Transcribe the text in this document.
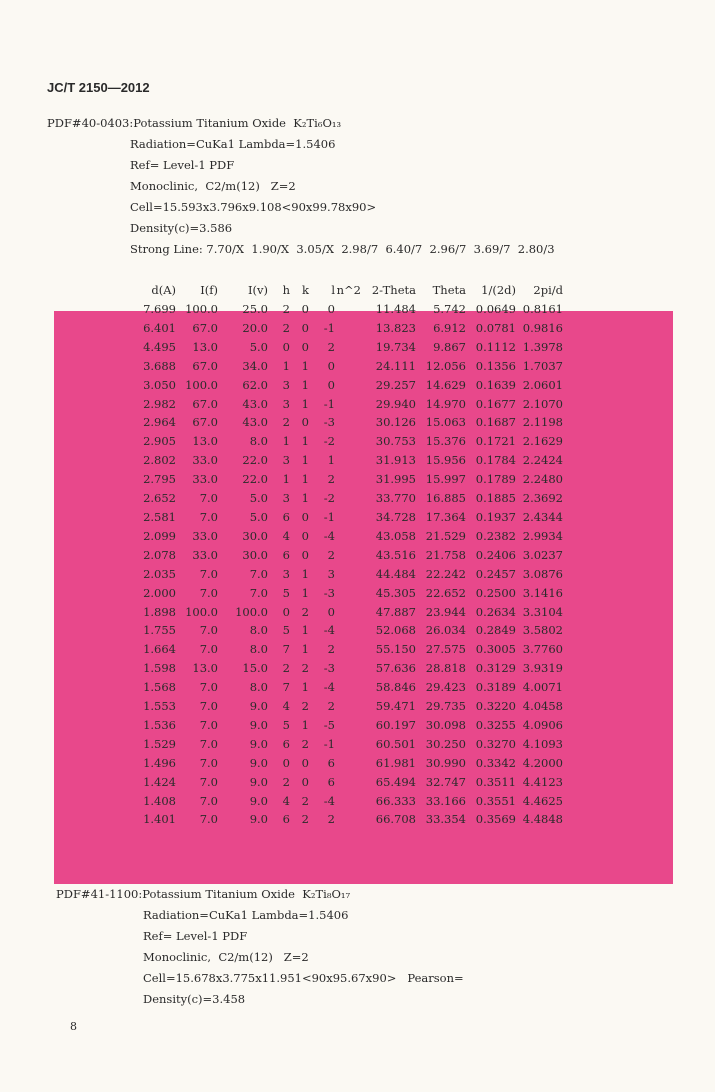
JC/T 2150—2012
PDF#40-0403:Potassium Titanium Oxide  K₂Ti₆O₁₃
Radiation=CuKa1 Lambda=1.5406
Ref= Level-1 PDF
Monoclinic,  C2/m(12)   Z=2
Cell=15.593x3.796x9.108<90x99.78x90>
Density(c)=3.586
Strong Line: 7.70/X  1.90/X  3.05/X  2.98/7  6.40/7  2.96/7  3.69/7  2.80/3
d(A)	I(f)	I(v)	h	k	l	n^2	2-Theta	Theta	1/(2d)	2pi/d
7.699	100.0	25.0	2	0	0		11.484	5.742	0.0649	0.8161
6.401	67.0	20.0	2	0	-1		13.823	6.912	0.0781	0.9816
4.495	13.0	5.0	0	0	2		19.734	9.867	0.1112	1.3978
3.688	67.0	34.0	1	1	0		24.111	12.056	0.1356	1.7037
3.050	100.0	62.0	3	1	0		29.257	14.629	0.1639	2.0601
2.982	67.0	43.0	3	1	-1		29.940	14.970	0.1677	2.1070
2.964	67.0	43.0	2	0	-3		30.126	15.063	0.1687	2.1198
2.905	13.0	8.0	1	1	-2		30.753	15.376	0.1721	2.1629
2.802	33.0	22.0	3	1	1		31.913	15.956	0.1784	2.2424
2.795	33.0	22.0	1	1	2		31.995	15.997	0.1789	2.2480
2.652	7.0	5.0	3	1	-2		33.770	16.885	0.1885	2.3692
2.581	7.0	5.0	6	0	-1		34.728	17.364	0.1937	2.4344
2.099	33.0	30.0	4	0	-4		43.058	21.529	0.2382	2.9934
2.078	33.0	30.0	6	0	2		43.516	21.758	0.2406	3.0237
2.035	7.0	7.0	3	1	3		44.484	22.242	0.2457	3.0876
2.000	7.0	7.0	5	1	-3		45.305	22.652	0.2500	3.1416
1.898	100.0	100.0	0	2	0		47.887	23.944	0.2634	3.3104
1.755	7.0	8.0	5	1	-4		52.068	26.034	0.2849	3.5802
1.664	7.0	8.0	7	1	2		55.150	27.575	0.3005	3.7760
1.598	13.0	15.0	2	2	-3		57.636	28.818	0.3129	3.9319
1.568	7.0	8.0	7	1	-4		58.846	29.423	0.3189	4.0071
1.553	7.0	9.0	4	2	2		59.471	29.735	0.3220	4.0458
1.536	7.0	9.0	5	1	-5		60.197	30.098	0.3255	4.0906
1.529	7.0	9.0	6	2	-1		60.501	30.250	0.3270	4.1093
1.496	7.0	9.0	0	0	6		61.981	30.990	0.3342	4.2000
1.424	7.0	9.0	2	0	6		65.494	32.747	0.3511	4.4123
1.408	7.0	9.0	4	2	-4		66.333	33.166	0.3551	4.4625
1.401	7.0	9.0	6	2	2		66.708	33.354	0.3569	4.4848
PDF#41-1100:Potassium Titanium Oxide  K₂Ti₈O₁₇
Radiation=CuKa1 Lambda=1.5406
Ref= Level-1 PDF
Monoclinic,  C2/m(12)   Z=2
Cell=15.678x3.775x11.951<90x95.67x90>   Pearson=
Density(c)=3.458
8
